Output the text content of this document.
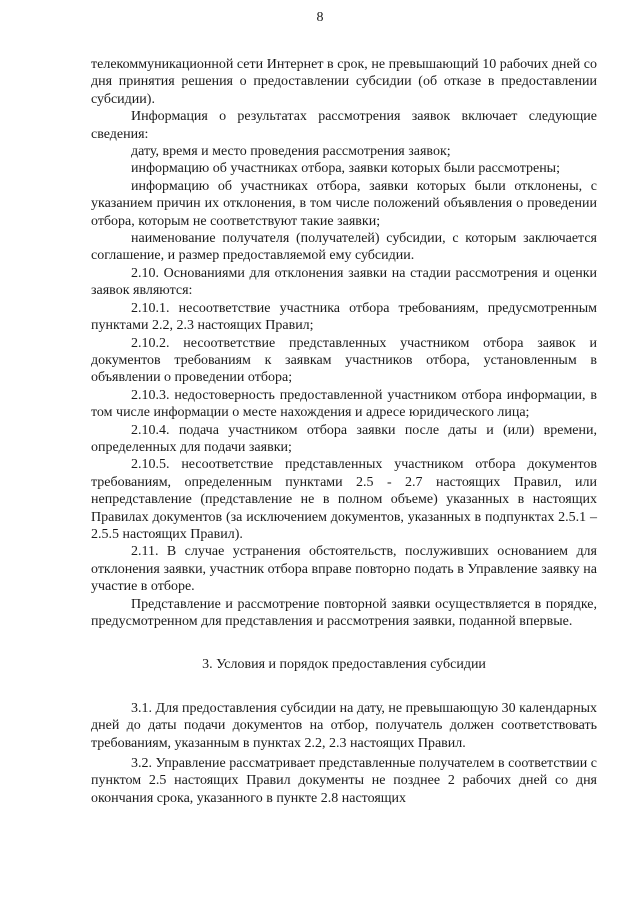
8

телекоммуникационной сети Интернет в срок, не превышающий 10 рабочих дней со дня принятия решения о предоставлении субсидии (об отказе в предоставлении субсидии).

Информация о результатах рассмотрения заявок включает следующие сведения:

дату, время и место проведения рассмотрения заявок;

информацию об участниках отбора, заявки которых были рассмотрены;

информацию об участниках отбора, заявки которых были отклонены, с указанием причин их отклонения, в том числе положений объявления о проведении отбора, которым не соответствуют такие заявки;

наименование получателя (получателей) субсидии, с которым заключается соглашение, и размер предоставляемой ему субсидии.

2.10. Основаниями для отклонения заявки на стадии рассмотрения и оценки заявок являются:

2.10.1. несоответствие участника отбора требованиям, предусмотренным пунктами 2.2, 2.3 настоящих Правил;

2.10.2. несоответствие представленных участником отбора заявок и документов требованиям к заявкам участников отбора, установленным в объявлении о проведении отбора;

2.10.3. недостоверность предоставленной участником отбора информации, в том числе информации о месте нахождения и адресе юридического лица;

2.10.4. подача участником отбора заявки после даты и (или) времени, определенных для подачи заявки;

2.10.5. несоответствие представленных участником отбора документов требованиям, определенным пунктами 2.5 - 2.7 настоящих Правил, или непредставление (представление не в полном объеме) указанных в настоящих Правилах документов (за исключением документов, указанных в подпунктах 2.5.1 – 2.5.5 настоящих Правил).

2.11. В случае устранения обстоятельств, послуживших основанием для отклонения заявки, участник отбора вправе повторно подать в Управление заявку на участие в отборе.

Представление и рассмотрение повторной заявки осуществляется в порядке, предусмотренном для представления и рассмотрения заявки, поданной впервые.

3. Условия и порядок предоставления субсидии

3.1. Для предоставления субсидии на дату, не превышающую 30 календарных дней до даты подачи документов на отбор, получатель должен соответствовать требованиям, указанным в пунктах 2.2, 2.3 настоящих Правил.

3.2. Управление рассматривает представленные получателем в соответствии с пунктом 2.5 настоящих Правил документы не позднее 2 рабочих дней со дня окончания срока, указанного в пункте 2.8 настоящих
